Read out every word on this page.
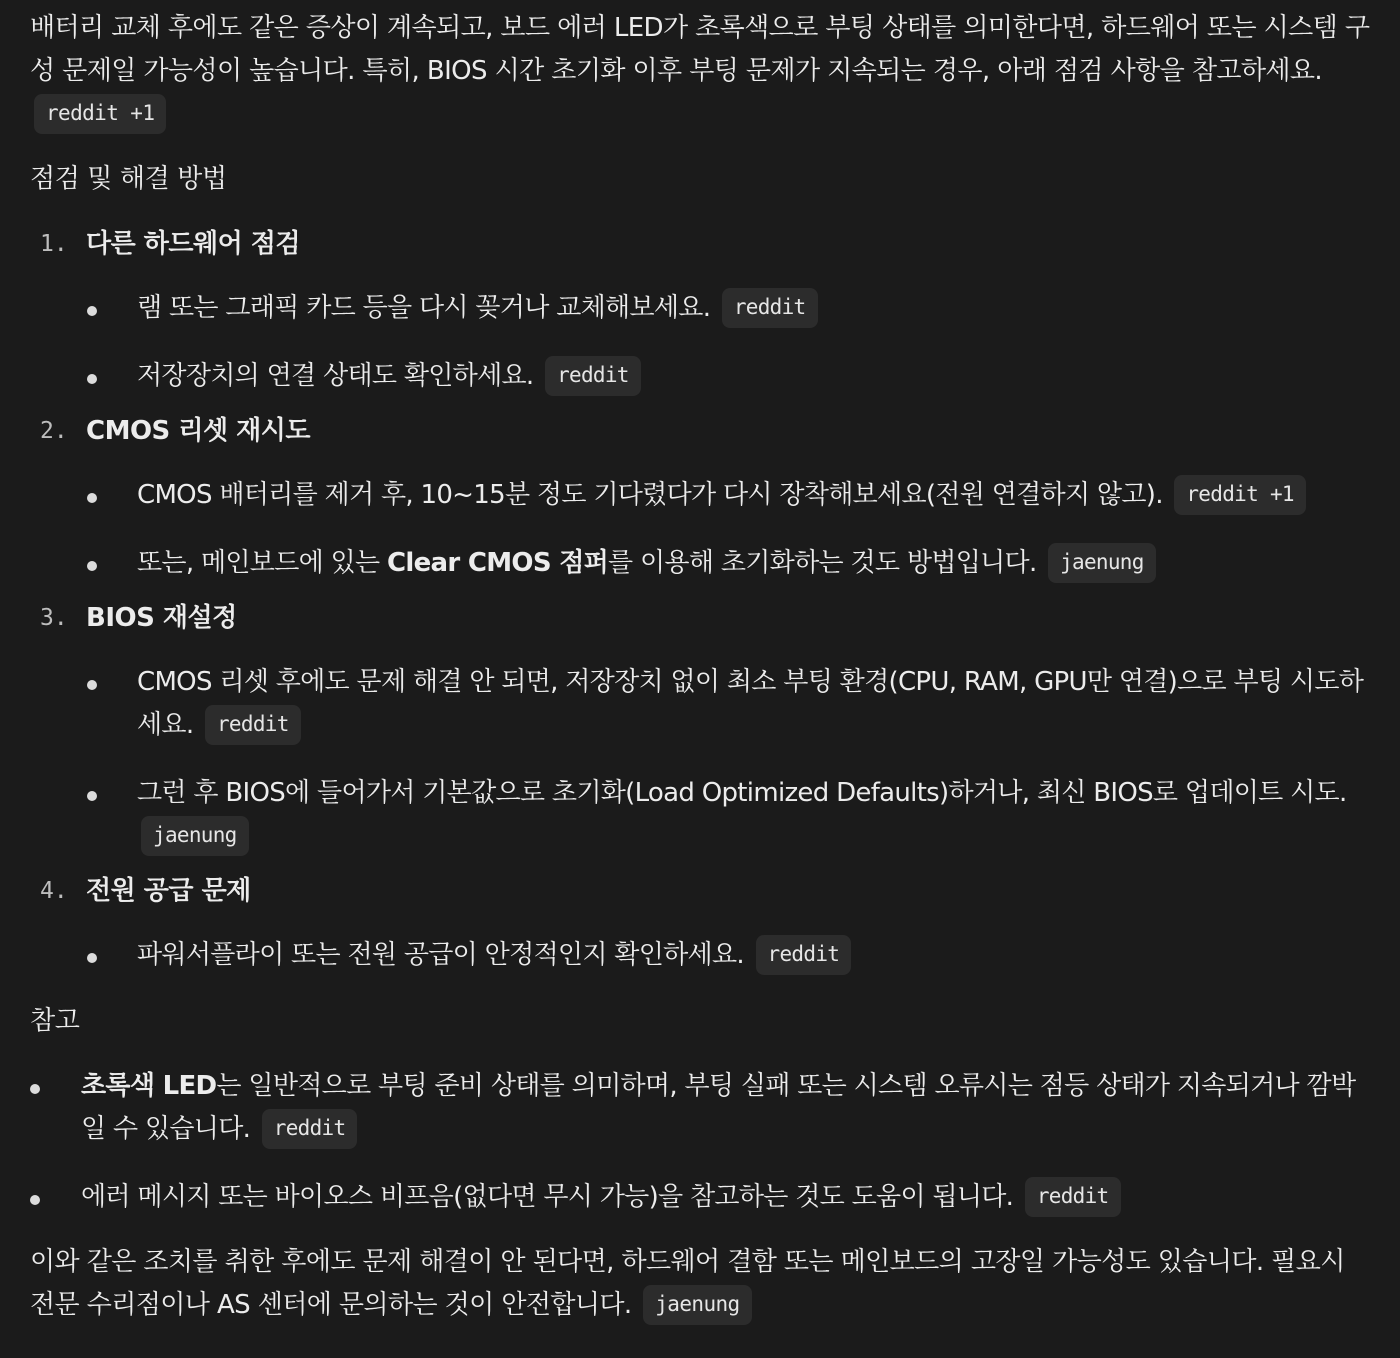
배터리 교체 후에도 같은 증상이 계속되고, 보드 에러 LED가 초록색으로 부팅 상태를 의미한다면, 하드웨어 또는 시스템 구성 문제일 가능성이 높습니다. 특히, BIOS 시간 초기화 이후 부팅 문제가 지속되는 경우, 아래 점검 사항을 참고하세요. reddit +1

점검 및 해결 방법

1. 다른 하드웨어 점검
램 또는 그래픽 카드 등을 다시 꽂거나 교체해보세요. reddit
저장장치의 연결 상태도 확인하세요. reddit
2. CMOS 리셋 재시도
CMOS 배터리를 제거 후, 10~15분 정도 기다렸다가 다시 장착해보세요(전원 연결하지 않고). reddit +1
또는, 메인보드에 있는 Clear CMOS 점퍼를 이용해 초기화하는 것도 방법입니다. jaenung
3. BIOS 재설정
CMOS 리셋 후에도 문제 해결 안 되면, 저장장치 없이 최소 부팅 환경(CPU, RAM, GPU만 연결)으로 부팅 시도하세요. reddit
그런 후 BIOS에 들어가서 기본값으로 초기화(Load Optimized Defaults)하거나, 최신 BIOS로 업데이트 시도. jaenung
4. 전원 공급 문제
파워서플라이 또는 전원 공급이 안정적인지 확인하세요. reddit

참고

초록색 LED는 일반적으로 부팅 준비 상태를 의미하며, 부팅 실패 또는 시스템 오류시는 점등 상태가 지속되거나 깜박일 수 있습니다. reddit
에러 메시지 또는 바이오스 비프음(없다면 무시 가능)을 참고하는 것도 도움이 됩니다. reddit

이와 같은 조치를 취한 후에도 문제 해결이 안 된다면, 하드웨어 결함 또는 메인보드의 고장일 가능성도 있습니다. 필요시 전문 수리점이나 AS 센터에 문의하는 것이 안전합니다. jaenung
